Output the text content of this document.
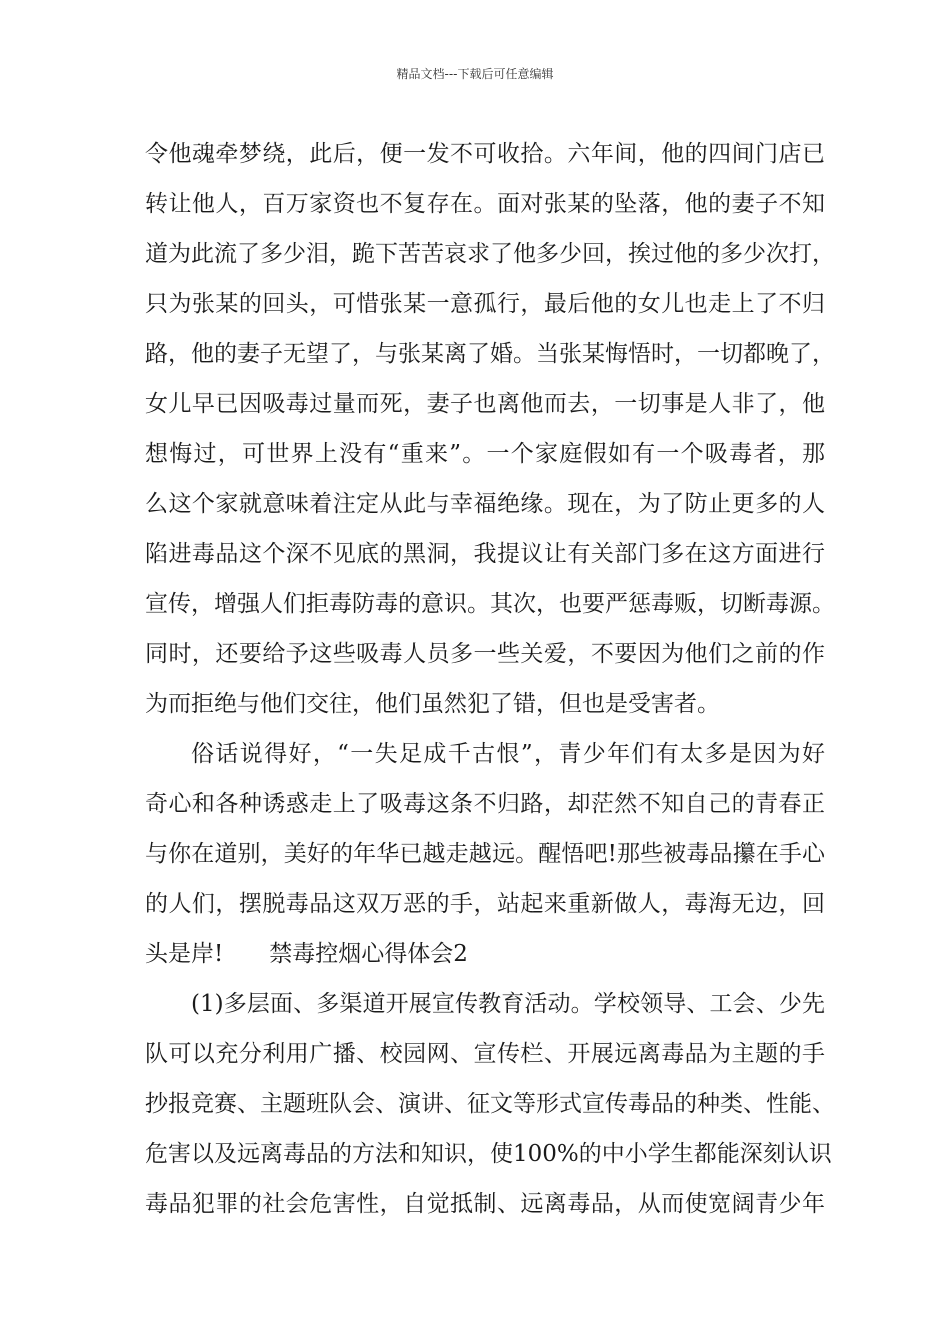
精品文档---下载后可任意编辑
令他魂牵梦绕，此后，便一发不可收拾。六年间，他的四间门店已
转让他人，百万家资也不复存在。面对张某的坠落，他的妻子不知
道为此流了多少泪，跪下苦苦哀求了他多少回，挨过他的多少次打，
只为张某的回头，可惜张某一意孤行，最后他的女儿也走上了不归
路，他的妻子无望了，与张某离了婚。当张某悔悟时，一切都晚了，
女儿早已因吸毒过量而死，妻子也离他而去，一切事是人非了，他
想悔过，可世界上没有“重来”。一个家庭假如有一个吸毒者，那
么这个家就意味着注定从此与幸福绝缘。现在，为了防止更多的人
陷进毒品这个深不见底的黑洞，我提议让有关部门多在这方面进行
宣传，增强人们拒毒防毒的意识。其次，也要严惩毒贩，切断毒源。
同时，还要给予这些吸毒人员多一些关爱，不要因为他们之前的作
为而拒绝与他们交往，他们虽然犯了错，但也是受害者。
俗话说得好，“一失足成千古恨”，青少年们有太多是因为好
奇心和各种诱惑走上了吸毒这条不归路，却茫然不知自己的青春正
与你在道别，美好的年华已越走越远。醒悟吧!那些被毒品攥在手心
的人们，摆脱毒品这双万恶的手，站起来重新做人，毒海无边，回
头是岸! 禁毒控烟心得体会2
(1)多层面、多渠道开展宣传教育活动。学校领导、工会、少先
队可以充分利用广播、校园网、宣传栏、开展远离毒品为主题的手
抄报竞赛、主题班队会、演讲、征文等形式宣传毒品的种类、性能、
危害以及远离毒品的方法和知识，使100%的中小学生都能深刻认识
毒品犯罪的社会危害性，自觉抵制、远离毒品，从而使宽阔青少年
